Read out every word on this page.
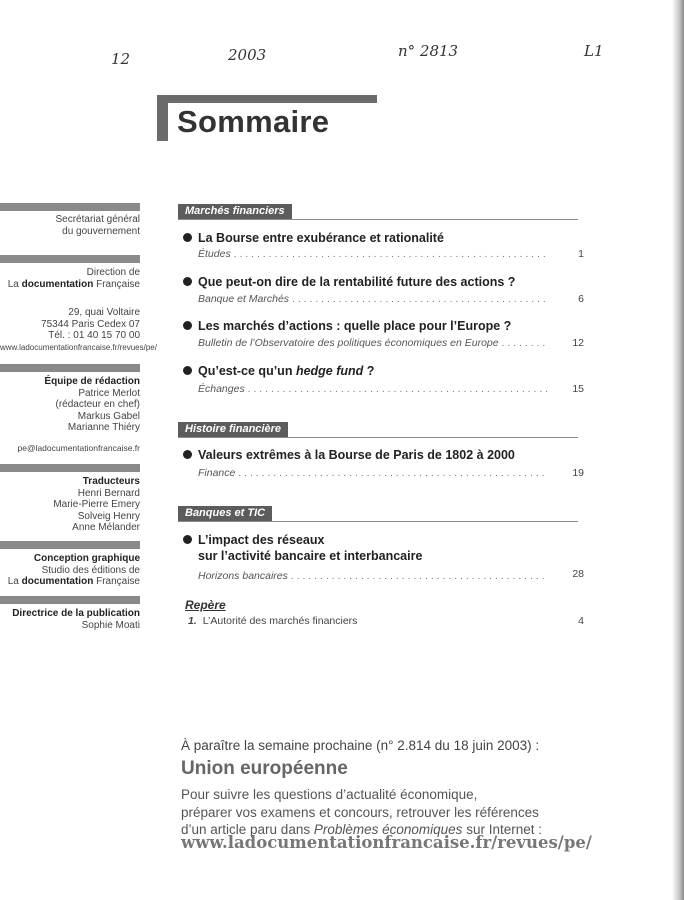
12	2003	n° 2813	L1
Sommaire
Secrétariat général
du gouvernement
Direction de
La documentation Française
29, quai Voltaire
75344 Paris Cedex 07
Tél. : 01 40 15 70 00
www.ladocumentationfrancaise.fr/revues/pe/
Équipe de rédaction
Patrice Merlot
(rédacteur en chef)
Markus Gabel
Marianne Thiéry
pe@ladocumentationfrancaise.fr
Traducteurs
Henri Bernard
Marie-Pierre Emery
Solveig Henry
Anne Mélander
Conception graphique
Studio des éditions de
La documentation Française
Directrice de la publication
Sophie Moati
Marchés financiers
La Bourse entre exubérance et rationalité
Études . . .	1
Que peut-on dire de la rentabilité future des actions ?
Banque et Marchés . . .	6
Les marchés d’actions : quelle place pour l’Europe ?
Bulletin de l’Observatoire des politiques économiques en Europe . . .	12
Qu’est-ce qu’un hedge fund ?
Échanges . . .	15
Histoire financière
Valeurs extrêmes à la Bourse de Paris de 1802 à 2000
Finance . . .	19
Banques et TIC
L’impact des réseaux
sur l’activité bancaire et interbancaire
Horizons bancaires . . .	28
Repère
1. L’Autorité des marchés financiers	4
À paraître la semaine prochaine (n° 2.814 du 18 juin 2003) :
Union européenne
Pour suivre les questions d’actualité économique,
préparer vos examens et concours, retrouver les références
d’un article paru dans Problèmes économiques sur Internet :
www.ladocumentationfrancaise.fr/revues/pe/
